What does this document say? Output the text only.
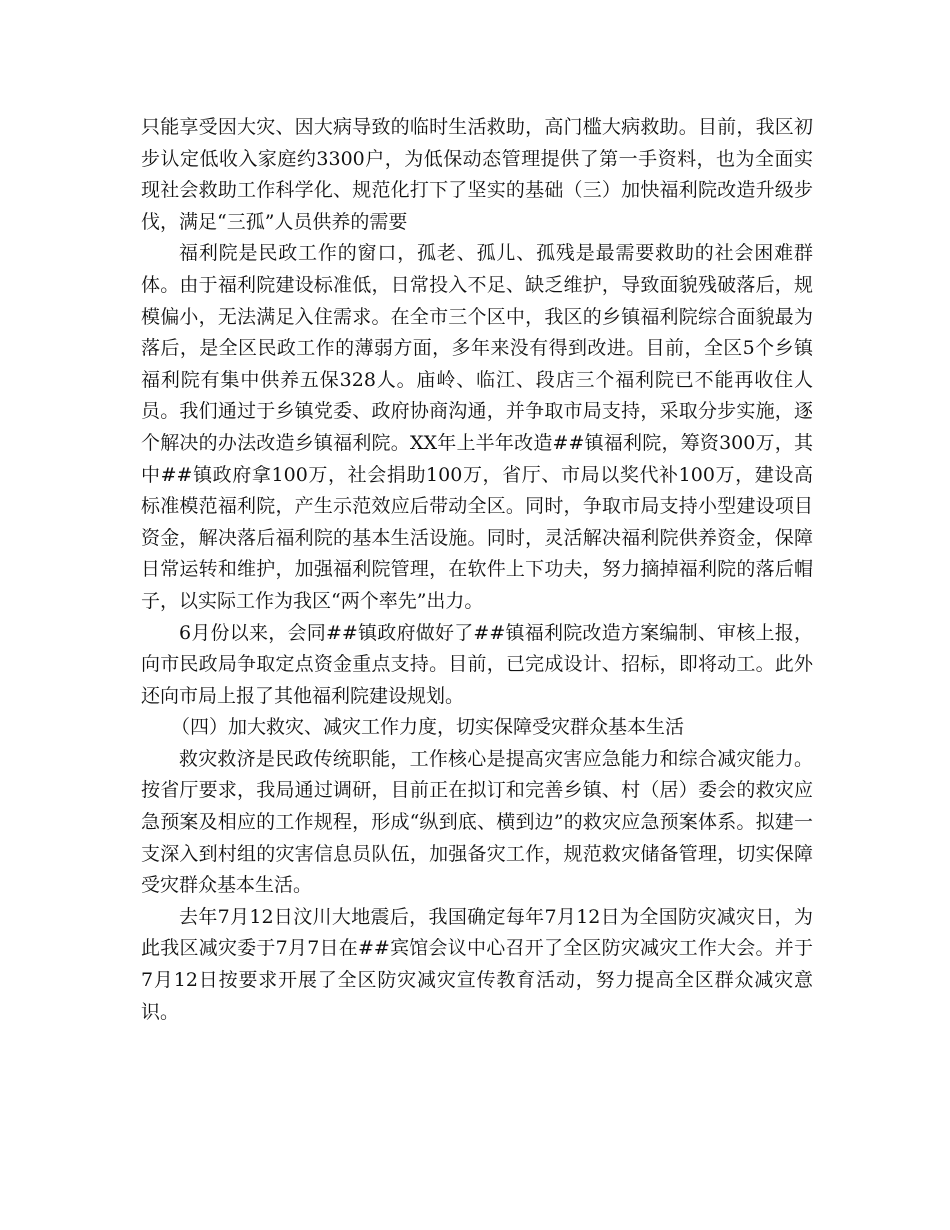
只能享受因大灾、因大病导致的临时生活救助，高门槛大病救助。目前，我区初步认定低收入家庭约3300户，为低保动态管理提供了第一手资料，也为全面实现社会救助工作科学化、规范化打下了坚实的基础（三）加快福利院改造升级步伐，满足“三孤”人员供养的需要

福利院是民政工作的窗口，孤老、孤儿、孤残是最需要救助的社会困难群体。由于福利院建设标准低，日常投入不足、缺乏维护，导致面貌残破落后，规模偏小，无法满足入住需求。在全市三个区中，我区的乡镇福利院综合面貌最为落后，是全区民政工作的薄弱方面，多年来没有得到改进。目前，全区5个乡镇福利院有集中供养五保328人。庙岭、临江、段店三个福利院已不能再收住人员。我们通过于乡镇党委、政府协商沟通，并争取市局支持，采取分步实施，逐个解决的办法改造乡镇福利院。XX年上半年改造##镇福利院，筹资300万，其中##镇政府拿100万，社会捐助100万，省厅、市局以奖代补100万，建设高标准模范福利院，产生示范效应后带动全区。同时，争取市局支持小型建设项目资金，解决落后福利院的基本生活设施。同时，灵活解决福利院供养资金，保障日常运转和维护，加强福利院管理，在软件上下功夫，努力摘掉福利院的落后帽子，以实际工作为我区“两个率先”出力。

6月份以来，会同##镇政府做好了##镇福利院改造方案编制、审核上报，向市民政局争取定点资金重点支持。目前，已完成设计、招标，即将动工。此外还向市局上报了其他福利院建设规划。

（四）加大救灾、减灾工作力度，切实保障受灾群众基本生活

救灾救济是民政传统职能，工作核心是提高灾害应急能力和综合减灾能力。按省厅要求，我局通过调研，目前正在拟订和完善乡镇、村（居）委会的救灾应急预案及相应的工作规程，形成“纵到底、横到边”的救灾应急预案体系。拟建一支深入到村组的灾害信息员队伍，加强备灾工作，规范救灾储备管理，切实保障受灾群众基本生活。

去年7月12日汶川大地震后，我国确定每年7月12日为全国防灾减灾日，为此我区减灾委于7月7日在##宾馆会议中心召开了全区防灾减灾工作大会。并于7月12日按要求开展了全区防灾减灾宣传教育活动，努力提高全区群众减灾意识。
